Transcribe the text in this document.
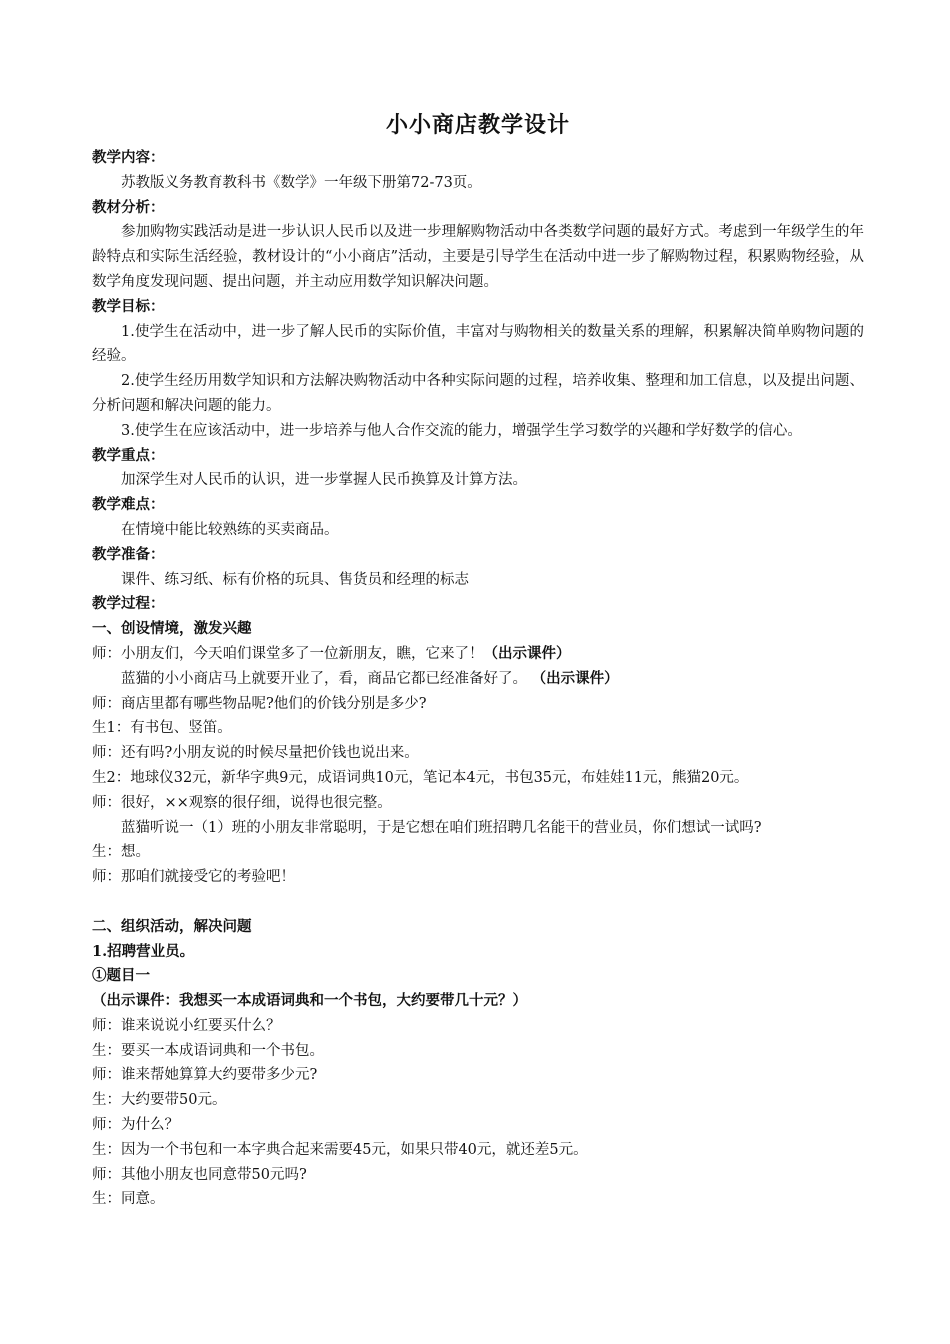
小小商店教学设计

教学内容：

苏教版义务教育教科书《数学》一年级下册第72-73页。

教材分析：

参加购物实践活动是进一步认识人民币以及进一步理解购物活动中各类数学问题的最好方式。考虑到一年级学生的年龄特点和实际生活经验，教材设计的“小小商店”活动，主要是引导学生在活动中进一步了解购物过程，积累购物经验，从数学角度发现问题、提出问题，并主动应用数学知识解决问题。

教学目标：

1.使学生在活动中，进一步了解人民币的实际价值，丰富对与购物相关的数量关系的理解，积累解决简单购物问题的经验。

2.使学生经历用数学知识和方法解决购物活动中各种实际问题的过程，培养收集、整理和加工信息，以及提出问题、分析问题和解决问题的能力。

3.使学生在应该活动中，进一步培养与他人合作交流的能力，增强学生学习数学的兴趣和学好数学的信心。

教学重点：

加深学生对人民币的认识，进一步掌握人民币换算及计算方法。

教学难点：

在情境中能比较熟练的买卖商品。

教学准备：

课件、练习纸、标有价格的玩具、售货员和经理的标志

教学过程：

一、创设情境，激发兴趣

师：小朋友们，今天咱们课堂多了一位新朋友，瞧，它来了！（出示课件）

蓝猫的小小商店马上就要开业了，看，商品它都已经准备好了。 （出示课件）

师：商店里都有哪些物品呢?他们的价钱分别是多少?

生1：有书包、竖笛。

师：还有吗?小朋友说的时候尽量把价钱也说出来。

生2：地球仪32元，新华字典9元，成语词典10元，笔记本4元，书包35元，布娃娃11元，熊猫20元。

师：很好，××观察的很仔细，说得也很完整。

蓝猫听说一（1）班的小朋友非常聪明，于是它想在咱们班招聘几名能干的营业员，你们想试一试吗?

生：想。

师：那咱们就接受它的考验吧！

二、组织活动，解决问题

1.招聘营业员。

①题目一

（出示课件：我想买一本成语词典和一个书包，大约要带几十元？）

师：谁来说说小红要买什么？

生：要买一本成语词典和一个书包。

师：谁来帮她算算大约要带多少元?

生：大约要带50元。

师：为什么？

生：因为一个书包和一本字典合起来需要45元，如果只带40元，就还差5元。

师：其他小朋友也同意带50元吗?

生：同意。
